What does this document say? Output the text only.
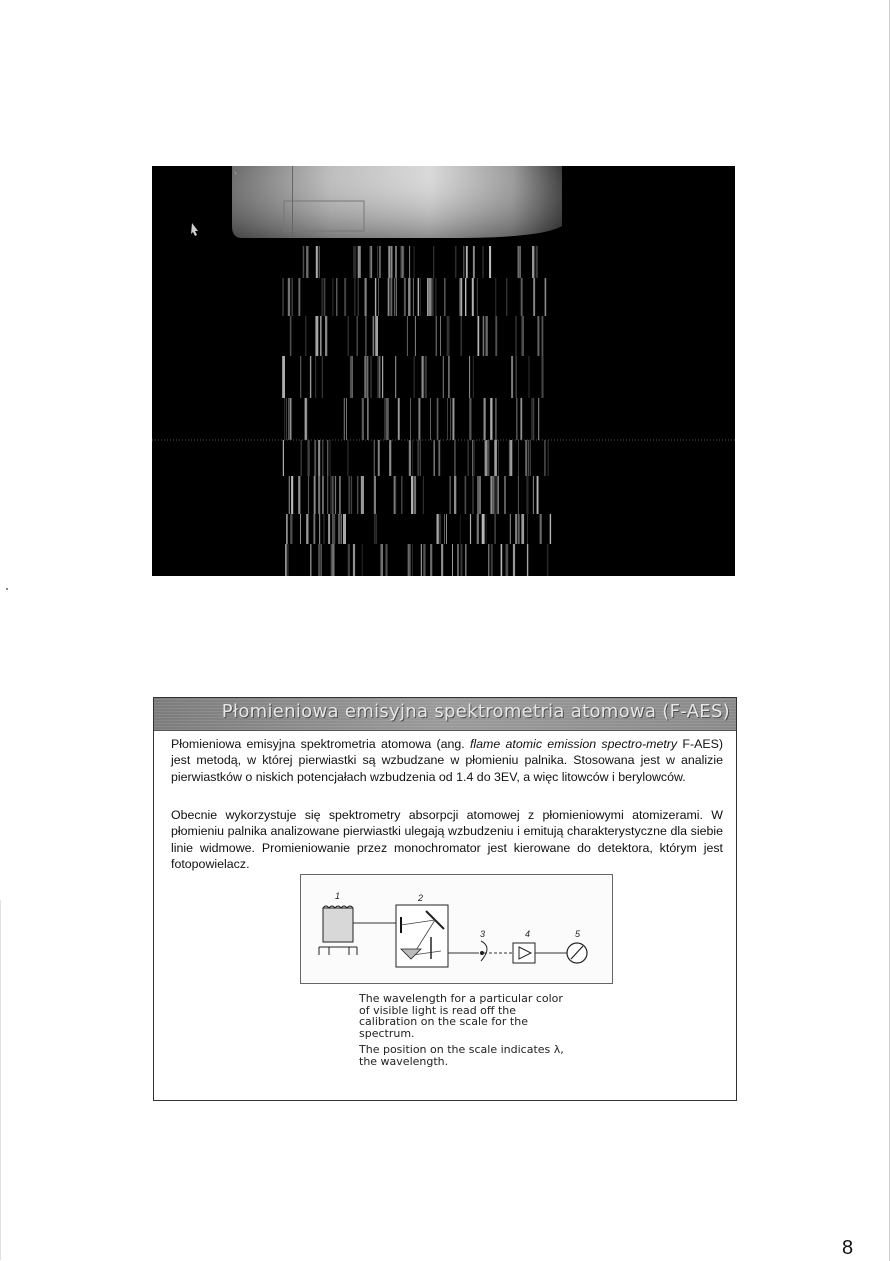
Płomieniowa emisyjna spektrometria atomowa (F-AES)

Płomieniowa emisyjna spektrometria atomowa (ang. flame atomic emission spectro-metry F-AES) jest metodą, w której pierwiastki są wzbudzane w płomieniu palnika. Stosowana jest w analizie pierwiastków o niskich potencjałach wzbudzenia od 1.4 do 3EV, a więc litowców i berylowców.

Obecnie wykorzystuje się spektrometry absorpcji atomowej z płomieniowymi atomizerami. W płomieniu palnika analizowane pierwiastki ulegają wzbudzeniu i emitują charakterystyczne dla siebie linie widmowe. Promieniowanie przez monochromator jest kierowane do detektora, którym jest fotopowielacz.

1	2
3	4	5

The wavelength for a particular color of visible light is read off the calibration on the scale for the spectrum.

The position on the scale indicates λ, the wavelength.

8
